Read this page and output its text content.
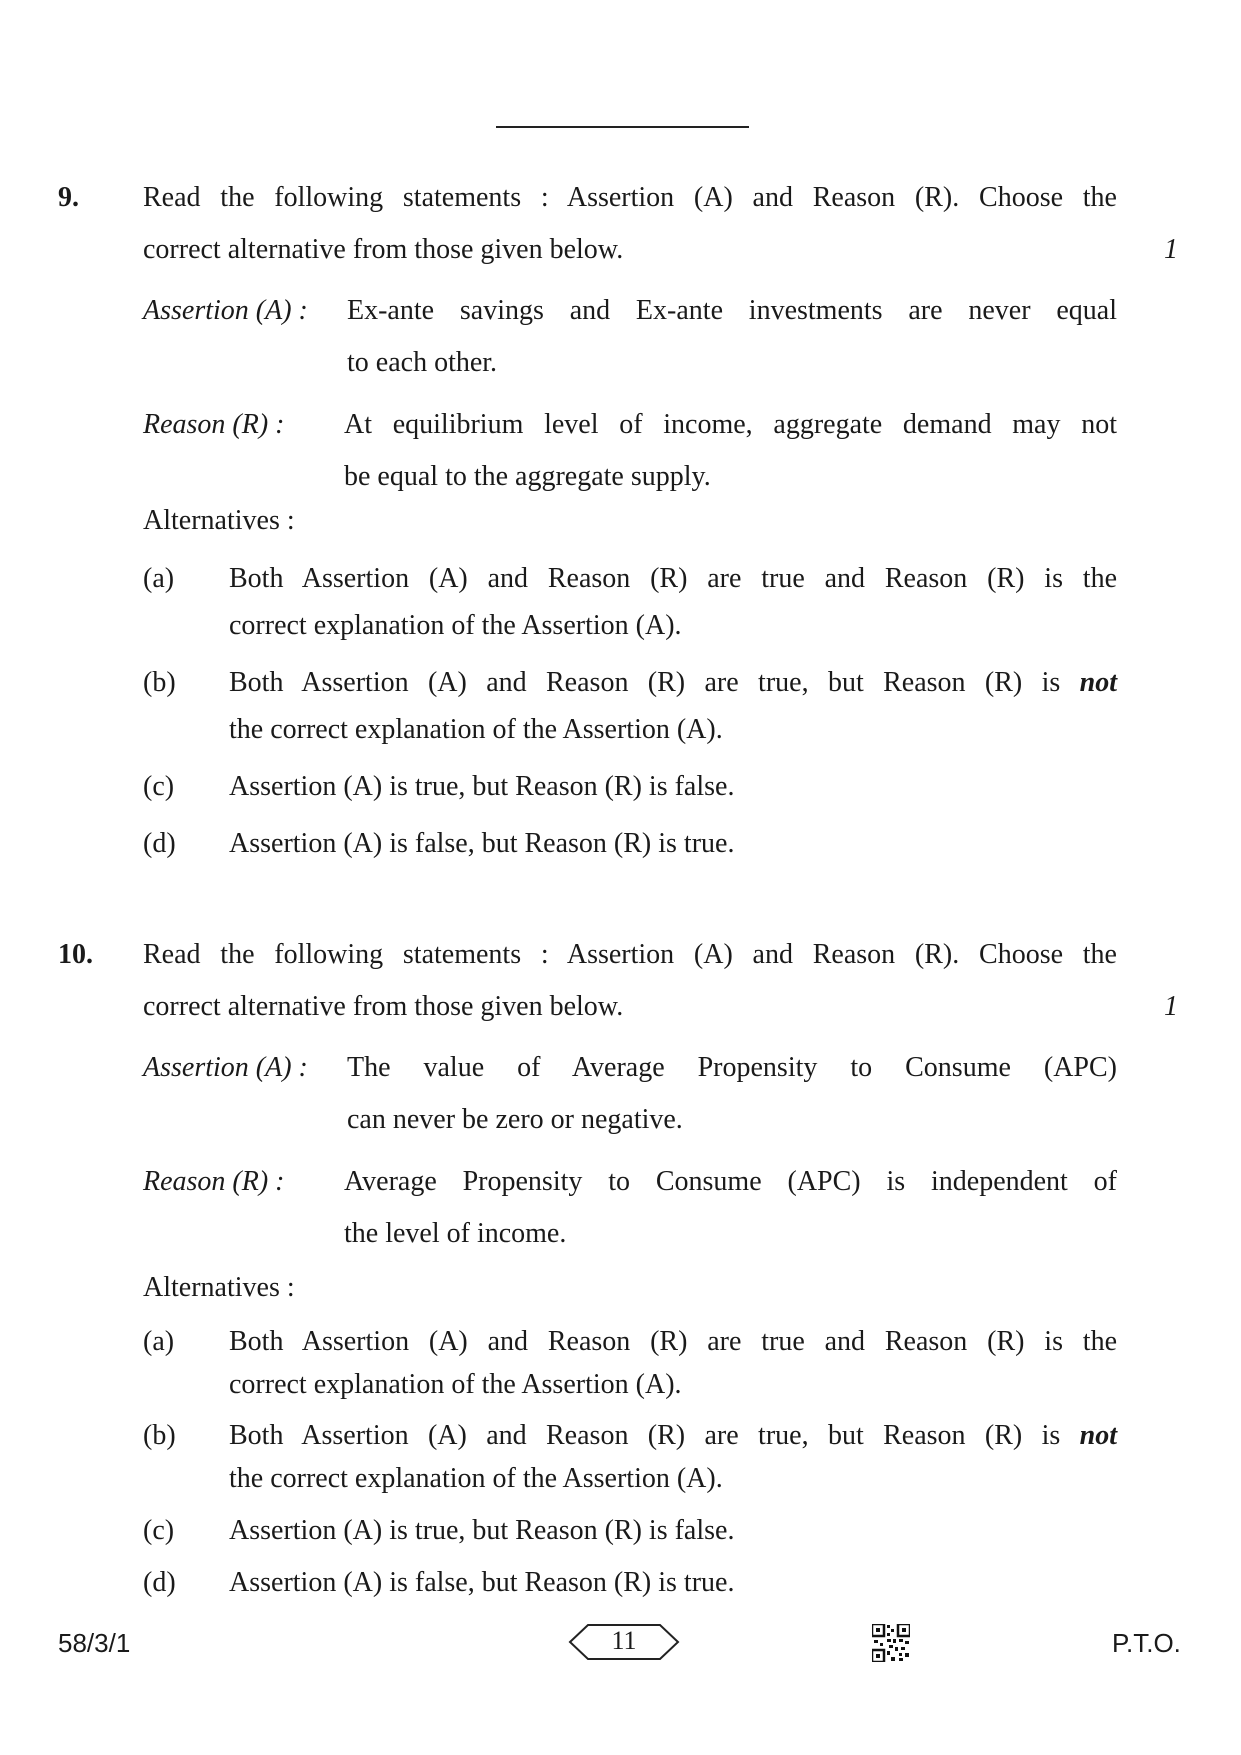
9. Read the following statements : Assertion (A) and Reason (R). Choose the
correct alternative from those given below.	1
Assertion (A) : Ex-ante savings and Ex-ante investments are never equal
to each other.
Reason (R) : At equilibrium level of income, aggregate demand may not
be equal to the aggregate supply.
Alternatives :
(a) Both Assertion (A) and Reason (R) are true and Reason (R) is the
correct explanation of the Assertion (A).
(b) Both Assertion (A) and Reason (R) are true, but Reason (R) is not
the correct explanation of the Assertion (A).
(c) Assertion (A) is true, but Reason (R) is false.
(d) Assertion (A) is false, but Reason (R) is true.
10. Read the following statements : Assertion (A) and Reason (R). Choose the
correct alternative from those given below.	1
Assertion (A) : The value of Average Propensity to Consume (APC)
can never be zero or negative.
Reason (R) : Average Propensity to Consume (APC) is independent of
the level of income.
Alternatives :
(a) Both Assertion (A) and Reason (R) are true and Reason (R) is the
correct explanation of the Assertion (A).
(b) Both Assertion (A) and Reason (R) are true, but Reason (R) is not
the correct explanation of the Assertion (A).
(c) Assertion (A) is true, but Reason (R) is false.
(d) Assertion (A) is false, but Reason (R) is true.
58/3/1	11	P.T.O.
